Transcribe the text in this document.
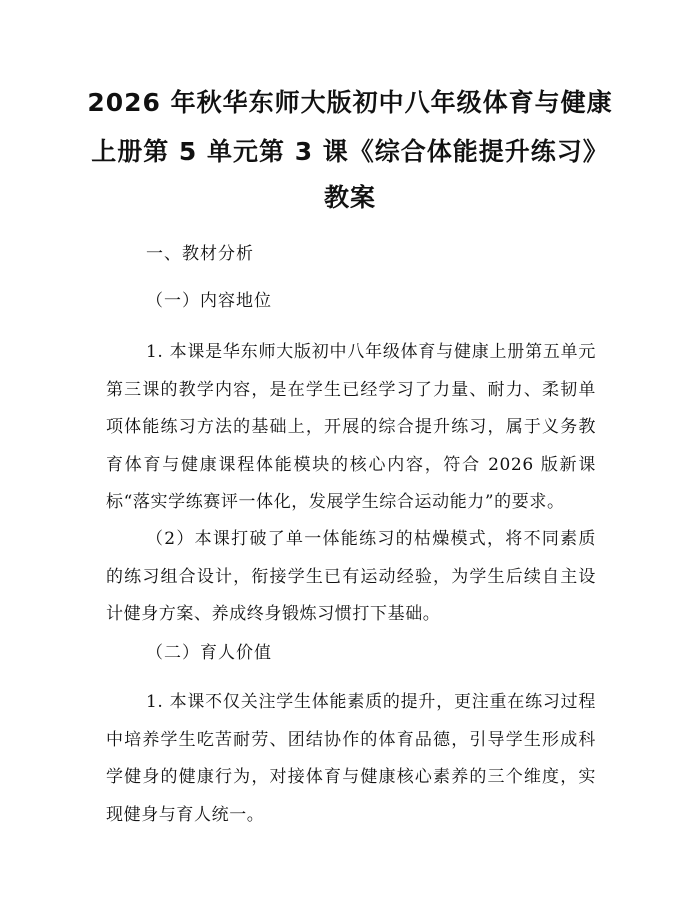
2026 年秋华东师大版初中八年级体育与健康
上册第 5 单元第 3 课《综合体能提升练习》
教案
一、教材分析
（一）内容地位
1. 本课是华东师大版初中八年级体育与健康上册第五单元第三课的教学内容，是在学生已经学习了力量、耐力、柔韧单项体能练习方法的基础上，开展的综合提升练习，属于义务教育体育与健康课程体能模块的核心内容，符合 2026 版新课标“落实学练赛评一体化，发展学生综合运动能力”的要求。
（2）本课打破了单一体能练习的枯燥模式，将不同素质的练习组合设计，衔接学生已有运动经验，为学生后续自主设计健身方案、养成终身锻炼习惯打下基础。
（二）育人价值
1. 本课不仅关注学生体能素质的提升，更注重在练习过程中培养学生吃苦耐劳、团结协作的体育品德，引导学生形成科学健身的健康行为，对接体育与健康核心素养的三个维度，实现健身与育人统一。
